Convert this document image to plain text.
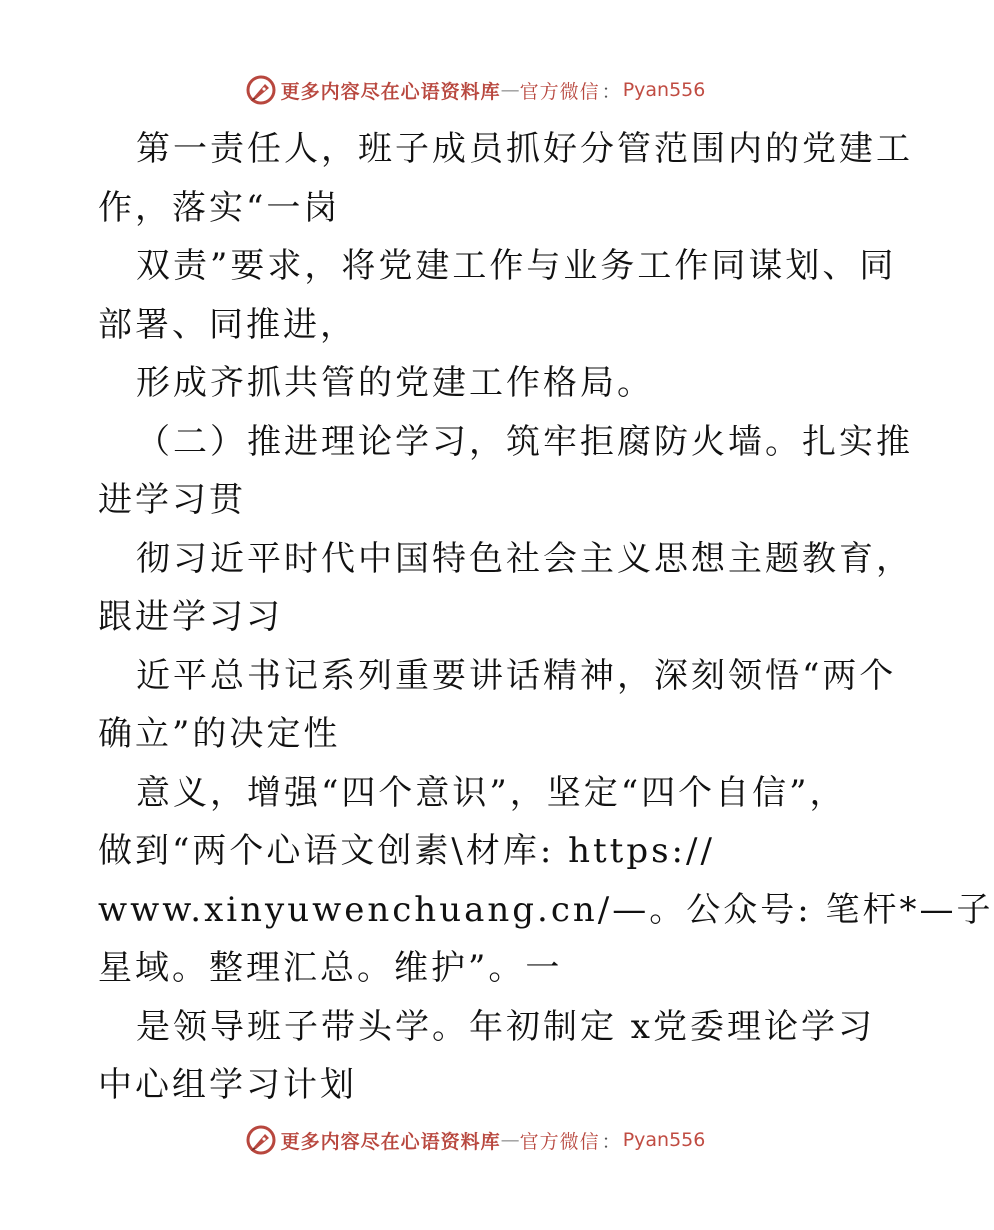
更多内容尽在心语资料库 — 官方微信 ： Pyan556
第一责任人，班子成员抓好分管范围内的党建工
作，落实“一岗
双责”要求，将党建工作与业务工作同谋划、同
部署、同推进，
形成齐抓共管的党建工作格局。
（二）推进理论学习，筑牢拒腐防火墙。扎实推
进学习贯
彻习近平时代中国特色社会主义思想主题教育，
跟进学习习
近平总书记系列重要讲话精神，深刻领悟“两个
确立”的决定性
意义，增强“四个意识”，坚定“四个自信”，
做到“两个心语文创素\材库: https://
www.xinyuwenchuang.cn/—。公众号: 笔杆*—子
星域。整理汇总。维护”。一
是领导班子带头学。年初制定 x党委理论学习
中心组学习计划
更多内容尽在心语资料库 — 官方微信 ： Pyan556
